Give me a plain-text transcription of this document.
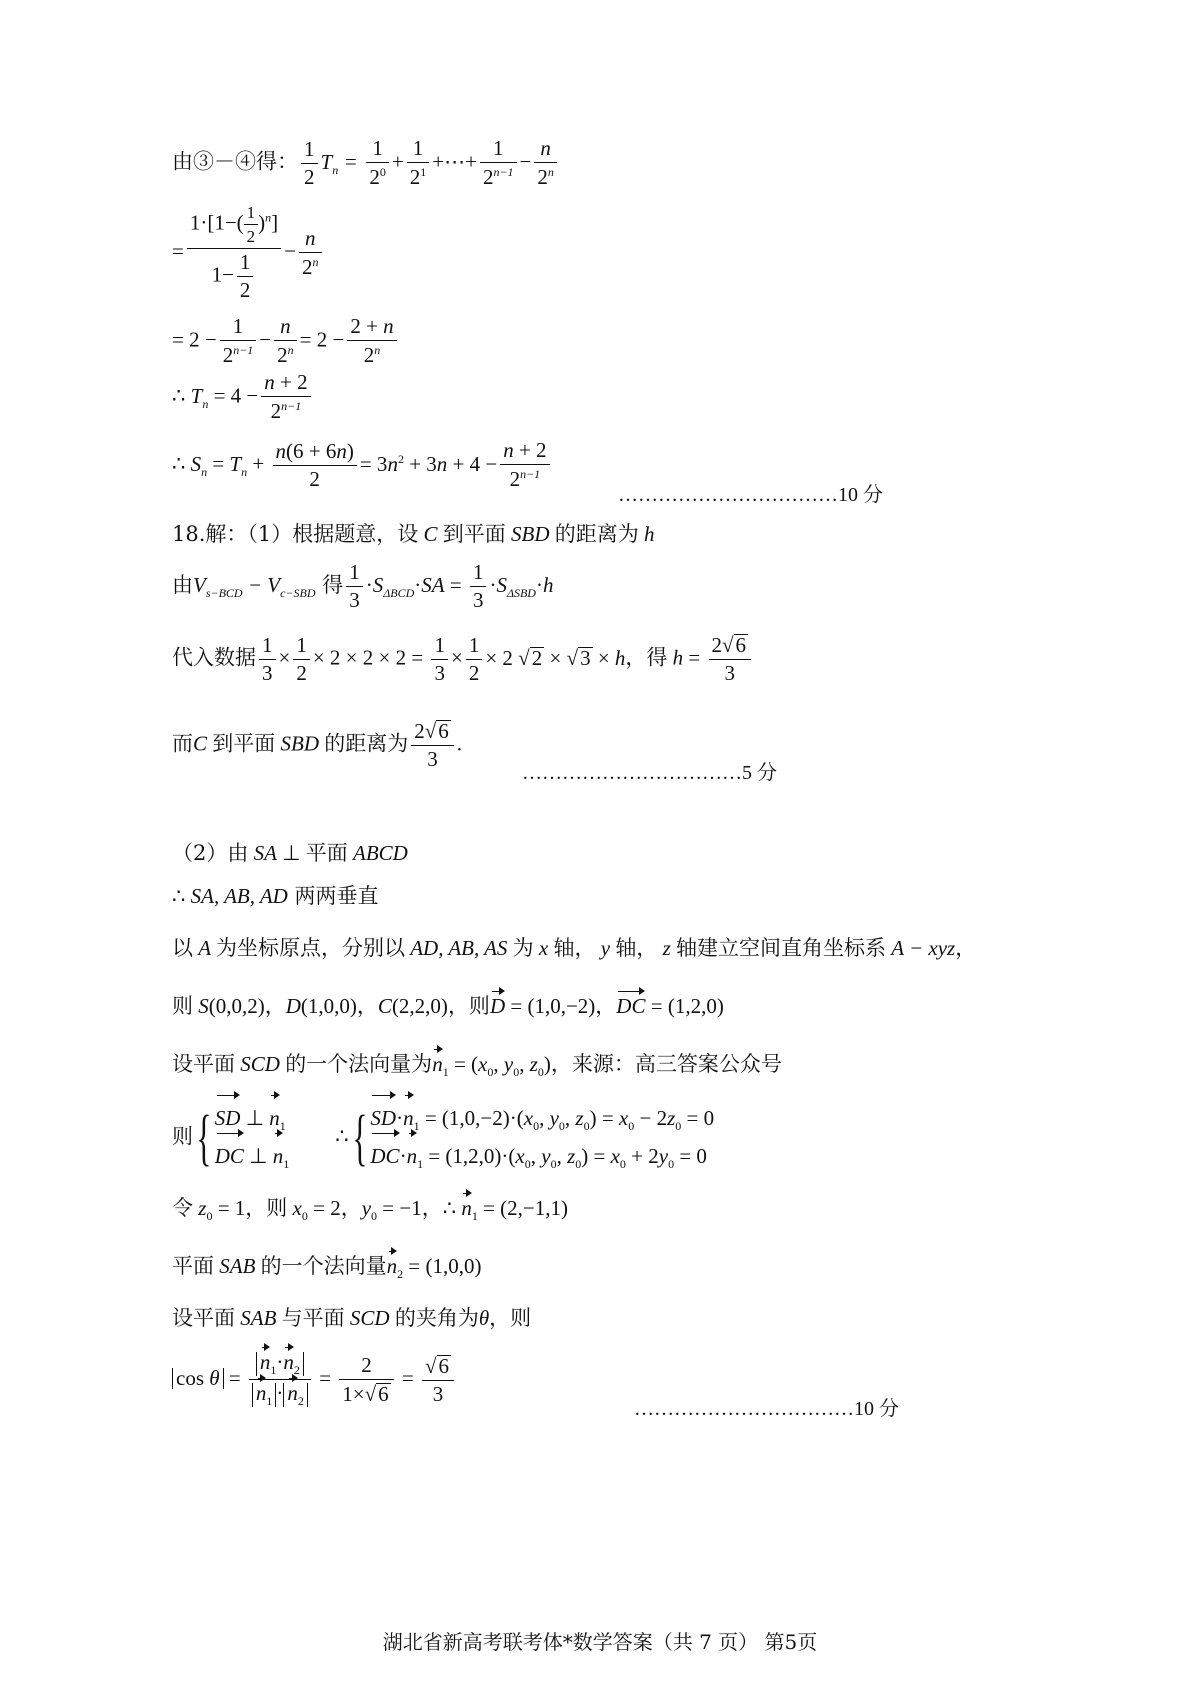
由③－④得： $\frac{1}{2} T_n = \frac{1}{2^0} + \frac{1}{2^1}$ +⋯+ $\frac{1}{2^{n-1}} - \frac{n}{2^n}$
= $\frac{1\cdot[1-( \frac{1}{2} )^n]}{1- \frac{1}{2}} - \frac{n}{2^n}$
= $2 - \frac{1}{2^{n-1}} - \frac{n}{2^n} = 2 - \frac{2 + n}{2^n}$
∴ $T_n = 4 - \frac{n + 2}{2^{n-1}}$
∴ $S_n = T_n + \frac{n(6 + 6n)}{2} = 3n^2 + 3n + 4 - \frac{n + 2}{2^{n-1}}$
……………………………10 分
18.解：（1）根据题意，设 C 到平面 SBD 的距离为 h
由$V_{s-BCD} - V_{c-SBD}$ 得 $\frac{1}{3} \cdot S_{\Delta BCD}\cdot SA = \frac{1}{3} \cdot S_{\Delta SBD}\cdot h$
代入数据 $\frac{1}{3} \times \frac{1}{2} \times 2 \times 2 \times 2 = \frac{1}{3} \times \frac{1}{2} \times 2$ √2 × √3 × h，得 $h = \frac{2√6}{3}$
而C 到平面 SBD 的距离为 $\frac{2√6}{3}$ .
……………………………5 分
（2）由 SA ⊥ 平面 ABCD
∴ SA, AB, AD 两两垂直
以 A 为坐标原点，分别以 AD, AB, AS 为 x 轴， y 轴， z 轴建立空间直角坐标系 A − xyz，
则 S(0,0,2)，D(1,0,0)，C(2,2,0)，则D = (1,0,−2)，DC = (1,2,0)
设平面 SCD 的一个法向量为$n_1 = (x_0$, $y_0$, $z_0$)，来源：高三答案公众号
则{ SD ⊥ $n_1$
DC ⊥ $n_1$
∴{ $SD\cdot n_1 = (1,0,-2)\cdot(x_0$, $y_0$, $z_0) = x_0 - 2z_0 = 0$
$DC\cdot n_1 = (1,2,0)\cdot(x_0$, $y_0$, $z_0) = x_0 + 2y_0 = 0$
令 $z_0 = 1$，则 $x_0 = 2$，$y_0 = -1$，∴ $n_1 = (2,-1,1)$
平面 SAB 的一个法向量$n_2 = (1,0,0)$
设平面 SAB 与平面 SCD 的夹角为θ，则
$\cos \theta = \frac{n_1\cdot n_2}{n_1 \cdot n_2} = \frac{2}{1\times√6} = \frac{√6}{3}$
……………………………10 分
湖北省新高考联考体*数学答案（共 7 页） 第5页
